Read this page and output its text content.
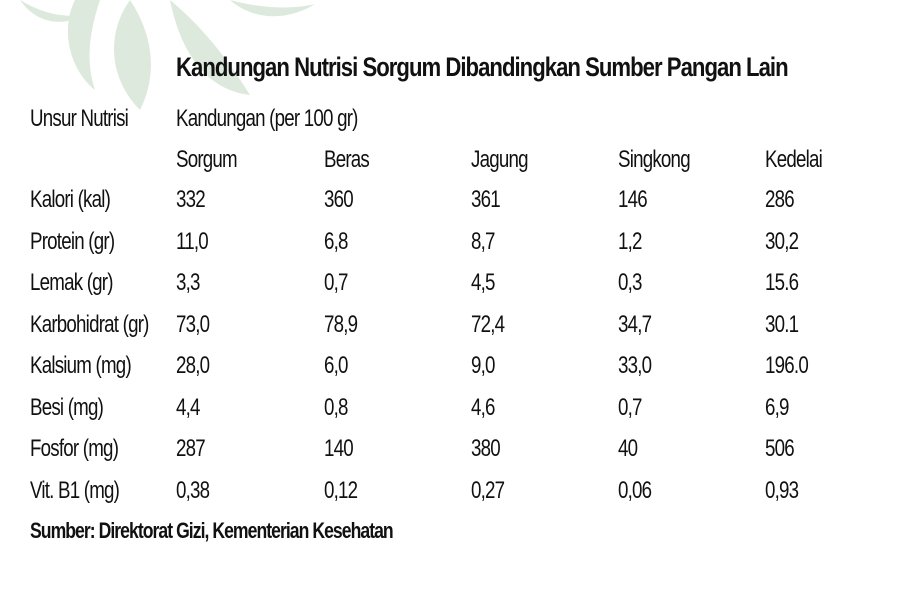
Kandungan Nutrisi Sorgum Dibandingkan Sumber Pangan Lain
Unsur Nutrisi Kandungan (per 100 gr)
Sorgum	Beras	Jagung	Singkong	Kedelai
Kalori (kal)	332	360	361	146	286
Protein (gr)	11,0	6,8	8,7	1,2	30,2
Lemak (gr)	3,3	0,7	4,5	0,3	15.6
Karbohidrat (gr) 73,0	78,9	72,4	34,7	30.1
Kalsium (mg) 28,0	6,0	9,0	33,0	196.0
Besi (mg)	4,4	0,8	4,6	0,7	6,9
Fosfor (mg) 287	140	380	40	506
Vit. B1 (mg) 0,38	0,12	0,27	0,06	0,93
Sumber: Direktorat Gizi, Kementerian Kesehatan
